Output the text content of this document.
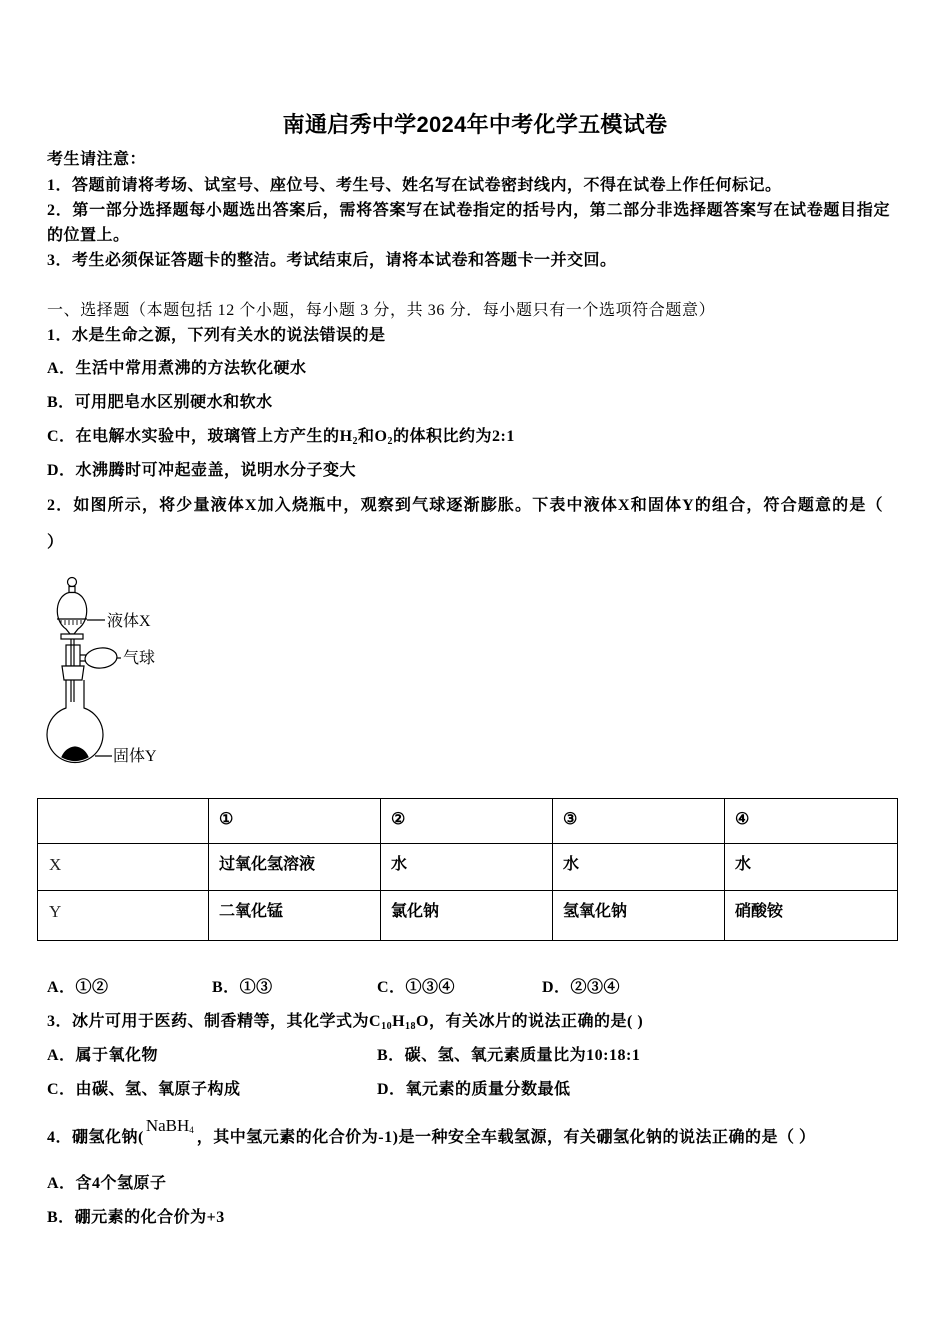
南通启秀中学2024年中考化学五模试卷
考生请注意：
1．答题前请将考场、试室号、座位号、考生号、姓名写在试卷密封线内，不得在试卷上作任何标记。
2．第一部分选择题每小题选出答案后，需将答案写在试卷指定的括号内，第二部分非选择题答案写在试卷题目指定
的位置上。
3．考生必须保证答题卡的整洁。考试结束后，请将本试卷和答题卡一并交回。
一、选择题（本题包括 12 个小题，每小题 3 分，共 36 分．每小题只有一个选项符合题意）
1．水是生命之源，下列有关水的说法错误的是
A．生活中常用煮沸的方法软化硬水
B．可用肥皂水区别硬水和软水
C．在电解水实验中，玻璃管上方产生的$H_2$和$O_2$的体积比约为2:1
D．水沸腾时可冲起壶盖，说明水分子变大
2．如图所示，将少量液体X加入烧瓶中，观察到气球逐渐膨胀。下表中液体X和固体Y的组合，符合题意的是（
）
液体X
气球
固体Y
	①	②	③	④
X	过氧化氢溶液	水	水	水
Y	二氧化锰	氯化钠	氢氧化钠	硝酸铵
A．①②	B．①③	C．①③④	D．②③④
3．冰片可用于医药、制香精等，其化学式为$C_{10}H_{18}O$，有关冰片的说法正确的是( )
A．属于氧化物	B．碳、氢、氧元素质量比为10:18:1
C．由碳、氢、氧原子构成	D．氧元素的质量分数最低
4．硼氢化钠(NaBH$_4$ ，其中氢元素的化合价为-1)是一种安全车载氢源，有关硼氢化钠的说法正确的是（ ）
A．含4个氢原子
B．硼元素的化合价为+3
